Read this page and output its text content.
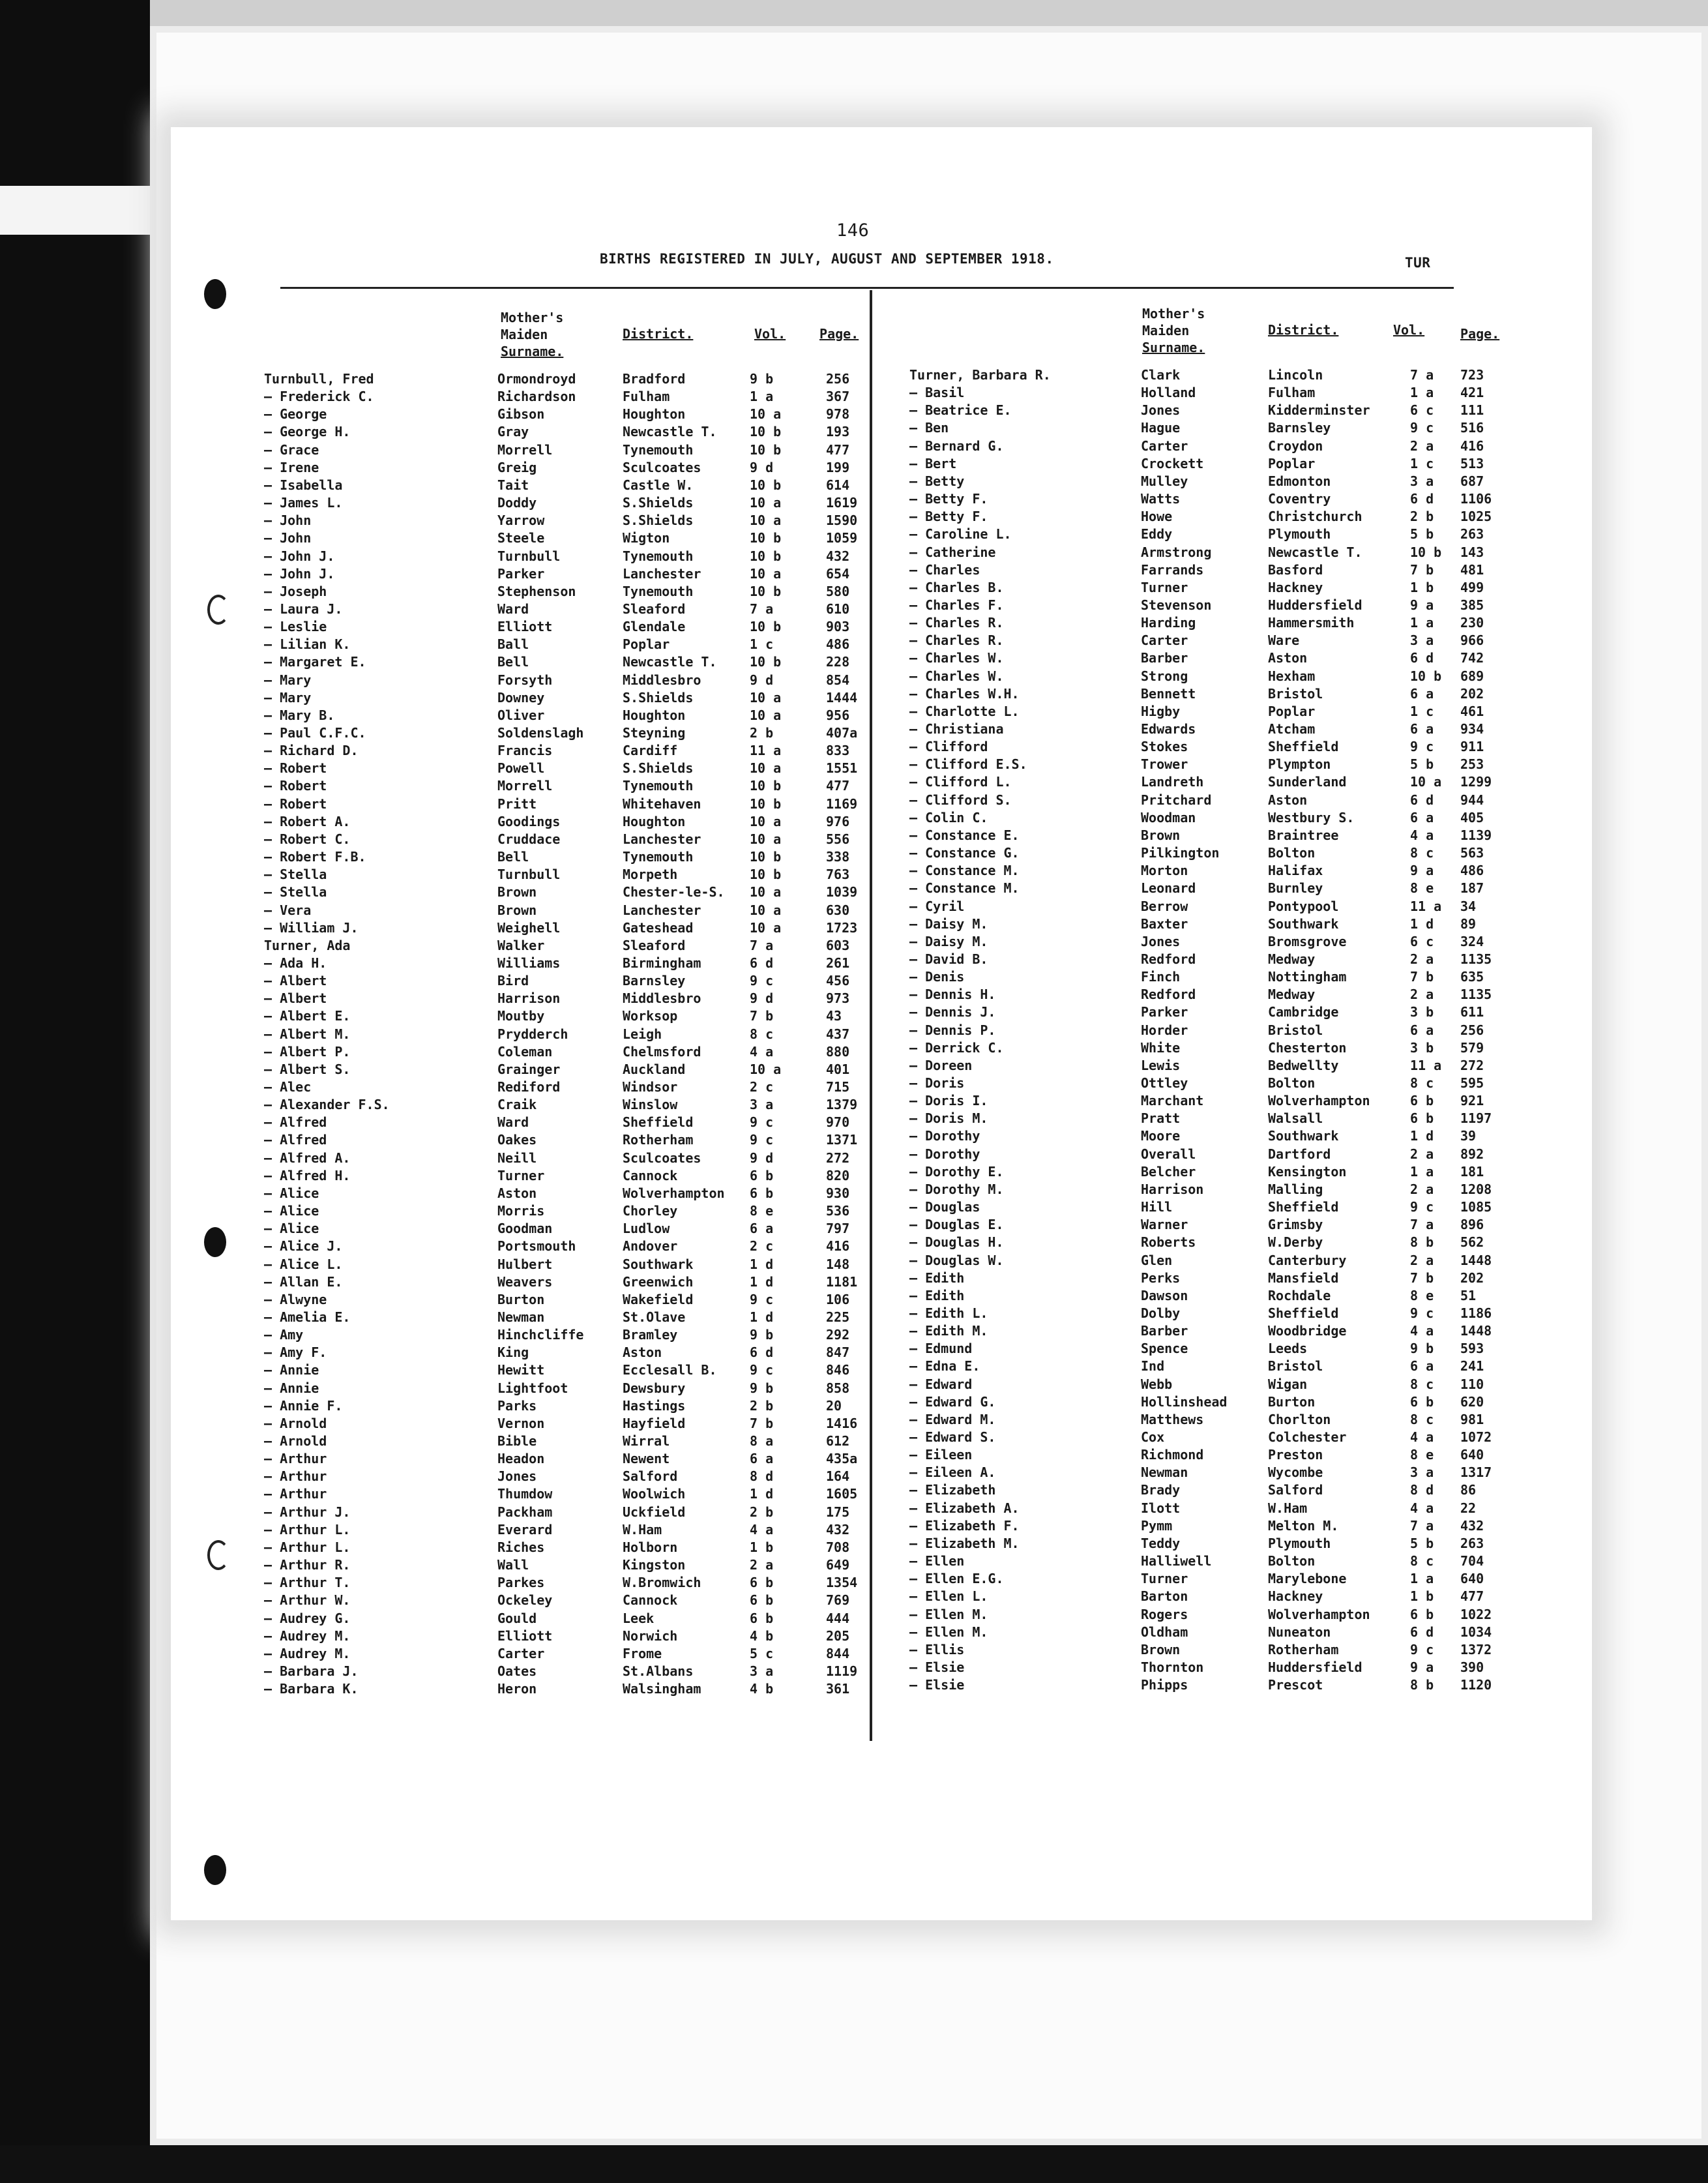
146
BIRTHS REGISTERED IN JULY, AUGUST AND SEPTEMBER 1918.	TUR
Mother's
Maiden
Surname.
District.	Vol.	Page.
Mother's
Maiden
Surname.
District.	Vol.	Page.
Turnbull, Fred	Ormondroyd	Bradford	9 b	256
— Frederick C.	Richardson	Fulham	1 a	367
— George	Gibson	Houghton	10 a	978
— George H.	Gray	Newcastle T.	10 b	193
— Grace	Morrell	Tynemouth	10 b	477
— Irene	Greig	Sculcoates	9 d	199
— Isabella	Tait	Castle W.	10 b	614
— James L.	Doddy	S.Shields	10 a	1619
— John	Yarrow	S.Shields	10 a	1590
— John	Steele	Wigton	10 b	1059
— John J.	Turnbull	Tynemouth	10 b	432
— John J.	Parker	Lanchester	10 a	654
— Joseph	Stephenson	Tynemouth	10 b	580
— Laura J.	Ward	Sleaford	7 a	610
— Leslie	Elliott	Glendale	10 b	903
— Lilian K.	Ball	Poplar	1 c	486
— Margaret E.	Bell	Newcastle T.	10 b	228
— Mary	Forsyth	Middlesbro	9 d	854
— Mary	Downey	S.Shields	10 a	1444
— Mary B.	Oliver	Houghton	10 a	956
— Paul C.F.C.	Soldenslagh	Steyning	2 b	407a
— Richard D.	Francis	Cardiff	11 a	833
— Robert	Powell	S.Shields	10 a	1551
— Robert	Morrell	Tynemouth	10 b	477
— Robert	Pritt	Whitehaven	10 b	1169
— Robert A.	Goodings	Houghton	10 a	976
— Robert C.	Cruddace	Lanchester	10 a	556
— Robert F.B.	Bell	Tynemouth	10 b	338
— Stella	Turnbull	Morpeth	10 b	763
— Stella	Brown	Chester-le-S. 10 a	1039
— Vera	Brown	Lanchester	10 a	630
— William J.	Weighell	Gateshead	10 a	1723
Turner, Ada	Walker	Sleaford	7 a	603
— Ada H.	Williams	Birmingham	6 d	261
— Albert	Bird	Barnsley	9 c	456
— Albert	Harrison	Middlesbro	9 d	973
— Albert E.	Moutby	Worksop	7 b	43
— Albert M.	Prydderch	Leigh	8 c	437
— Albert P.	Coleman	Chelmsford	4 a	880
— Albert S.	Grainger	Auckland	10 a	401
— Alec	Rediford	Windsor	2 c	715
— Alexander F.S.	Craik	Winslow	3 a	1379
— Alfred	Ward	Sheffield	9 c	970
— Alfred	Oakes	Rotherham	9 c	1371
— Alfred A.	Neill	Sculcoates	9 d	272
— Alfred H.	Turner	Cannock	6 b	820
— Alice	Aston	Wolverhampton 6 b	930
— Alice	Morris	Chorley	8 e	536
— Alice	Goodman	Ludlow	6 a	797
— Alice J.	Portsmouth	Andover	2 c	416
— Alice L.	Hulbert	Southwark	1 d	148
— Allan E.	Weavers	Greenwich	1 d	1181
— Alwyne	Burton	Wakefield	9 c	106
— Amelia E.	Newman	St.Olave	1 d	225
— Amy	Hinchcliffe	Bramley	9 b	292
— Amy F.	King	Aston	6 d	847
— Annie	Hewitt	Ecclesall B.	9 c	846
— Annie	Lightfoot	Dewsbury	9 b	858
— Annie F.	Parks	Hastings	2 b	20
— Arnold	Vernon	Hayfield	7 b	1416
— Arnold	Bible	Wirral	8 a	612
— Arthur	Headon	Newent	6 a	435a
— Arthur	Jones	Salford	8 d	164
— Arthur	Thumdow	Woolwich	1 d	1605
— Arthur J.	Packham	Uckfield	2 b	175
— Arthur L.	Everard	W.Ham	4 a	432
— Arthur L.	Riches	Holborn	1 b	708
— Arthur R.	Wall	Kingston	2 a	649
— Arthur T.	Parkes	W.Bromwich	6 b	1354
— Arthur W.	Ockeley	Cannock	6 b	769
— Audrey G.	Gould	Leek	6 b	444
— Audrey M.	Elliott	Norwich	4 b	205
— Audrey M.	Carter	Frome	5 c	844
— Barbara J.	Oates	St.Albans	3 a	1119
— Barbara K.	Heron	Walsingham	4 b	361
Turner, Barbara R.	Clark	Lincoln	7 a 723
— Basil	Holland	Fulham	1 a 421
— Beatrice E.	Jones	Kidderminster	6 c 111
— Ben	Hague	Barnsley	9 c 516
— Bernard G.	Carter	Croydon	2 a 416
— Bert	Crockett	Poplar	1 c 513
— Betty	Mulley	Edmonton	3 a 687
— Betty F.	Watts	Coventry	6 d 1106
— Betty F.	Howe	Christchurch	2 b 1025
— Caroline L.	Eddy	Plymouth	5 b 263
— Catherine	Armstrong	Newcastle T.	10 b 143
— Charles	Farrands	Basford	7 b 481
— Charles B.	Turner	Hackney	1 b 499
— Charles F.	Stevenson	Huddersfield	9 a 385
— Charles R.	Harding	Hammersmith	1 a 230
— Charles R.	Carter	Ware	3 a 966
— Charles W.	Barber	Aston	6 d 742
— Charles W.	Strong	Hexham	10 b 689
— Charles W.H.	Bennett	Bristol	6 a 202
— Charlotte L.	Higby	Poplar	1 c 461
— Christiana	Edwards	Atcham	6 a 934
— Clifford	Stokes	Sheffield	9 c 911
— Clifford E.S.	Trower	Plympton	5 b 253
— Clifford L.	Landreth	Sunderland	10 a 1299
— Clifford S.	Pritchard	Aston	6 d 944
— Colin C.	Woodman	Westbury S.	6 a 405
— Constance E.	Brown	Braintree	4 a 1139
— Constance G.	Pilkington	Bolton	8 c 563
— Constance M.	Morton	Halifax	9 a 486
— Constance M.	Leonard	Burnley	8 e 187
— Cyril	Berrow	Pontypool	11 a 34
— Daisy M.	Baxter	Southwark	1 d 89
— Daisy M.	Jones	Bromsgrove	6 c 324
— David B.	Redford	Medway	2 a 1135
— Denis	Finch	Nottingham	7 b 635
— Dennis H.	Redford	Medway	2 a 1135
— Dennis J.	Parker	Cambridge	3 b 611
— Dennis P.	Horder	Bristol	6 a 256
— Derrick C.	White	Chesterton	3 b 579
— Doreen	Lewis	Bedwellty	11 a 272
— Doris	Ottley	Bolton	8 c 595
— Doris I.	Marchant	Wolverhampton	6 b 921
— Doris M.	Pratt	Walsall	6 b 1197
— Dorothy	Moore	Southwark	1 d 39
— Dorothy	Overall	Dartford	2 a 892
— Dorothy E.	Belcher	Kensington	1 a 181
— Dorothy M.	Harrison	Malling	2 a 1208
— Douglas	Hill	Sheffield	9 c 1085
— Douglas E.	Warner	Grimsby	7 a 896
— Douglas H.	Roberts	W.Derby	8 b 562
— Douglas W.	Glen	Canterbury	2 a 1448
— Edith	Perks	Mansfield	7 b 202
— Edith	Dawson	Rochdale	8 e 51
— Edith L.	Dolby	Sheffield	9 c 1186
— Edith M.	Barber	Woodbridge	4 a 1448
— Edmund	Spence	Leeds	9 b 593
— Edna E.	Ind	Bristol	6 a 241
— Edward	Webb	Wigan	8 c 110
— Edward G.	Hollinshead	Burton	6 b 620
— Edward M.	Matthews	Chorlton	8 c 981
— Edward S.	Cox	Colchester	4 a 1072
— Eileen	Richmond	Preston	8 e 640
— Eileen A.	Newman	Wycombe	3 a 1317
— Elizabeth	Brady	Salford	8 d 86
— Elizabeth A.	Ilott	W.Ham	4 a 22
— Elizabeth F.	Pymm	Melton M.	7 a 432
— Elizabeth M.	Teddy	Plymouth	5 b 263
— Ellen	Halliwell	Bolton	8 c 704
— Ellen E.G.	Turner	Marylebone	1 a 640
— Ellen L.	Barton	Hackney	1 b 477
— Ellen M.	Rogers	Wolverhampton	6 b 1022
— Ellen M.	Oldham	Nuneaton	6 d 1034
— Ellis	Brown	Rotherham	9 c 1372
— Elsie	Thornton	Huddersfield	9 a 390
— Elsie	Phipps	Prescot	8 b 1120
